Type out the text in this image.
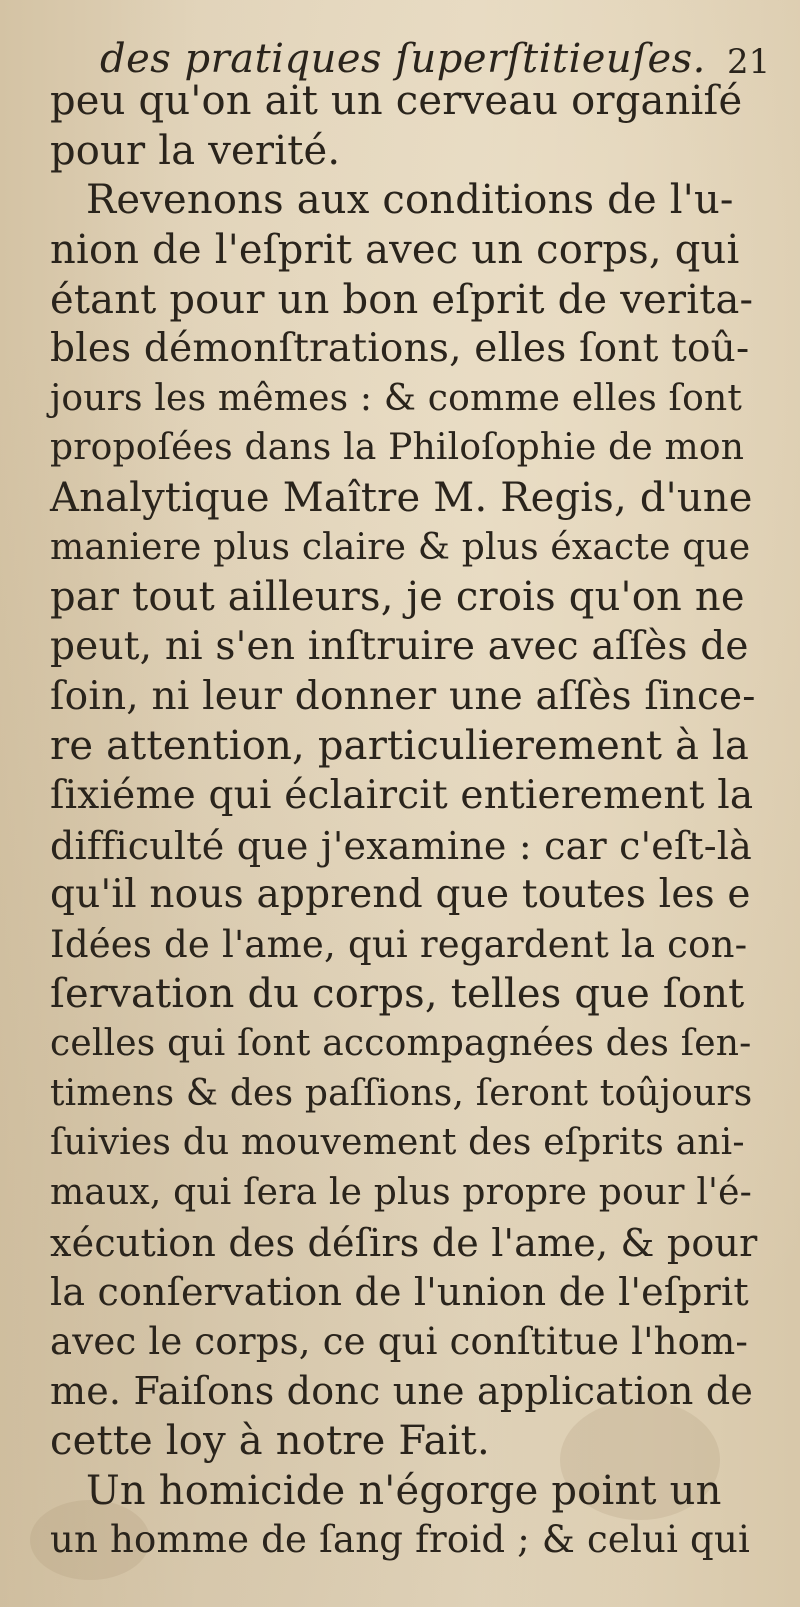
des pratiques ſuperſtitieuſes. 21
peu qu'on ait un cerveau organiſé
pour la verité.
Revenons aux conditions de l'u-
nion de l'eſprit avec un corps, qui
étant pour un bon eſprit de verita-
bles démonſtrations, elles ſont toû-
jours les mêmes : & comme elles ſont
propoſées dans la Philoſophie de mon
Analytique Maître M. Regis, d'une
maniere plus claire & plus éxacte que
par tout ailleurs, je crois qu'on ne
peut, ni s'en inſtruire avec aſſès de
ſoin, ni leur donner une aſſès ſince-
re attention, particulierement à la
ſixiéme qui éclaircit entierement la
difficulté que j'examine : car c'eſt-là
qu'il nous apprend que toutes les e
Idées de l'ame, qui regardent la con-
ſervation du corps, telles que ſont
celles qui ſont accompagnées des ſen-
timens & des paſſions, ſeront toûjours
ſuivies du mouvement des eſprits ani-
maux, qui ſera le plus propre pour l'é-
xécution des déſirs de l'ame, & pour
la conſervation de l'union de l'eſprit
avec le corps, ce qui conſtitue l'hom-
me. Faiſons donc une application de
cette loy à notre Fait.
Un homicide n'égorge point un
un homme de ſang froid ; & celui qui
